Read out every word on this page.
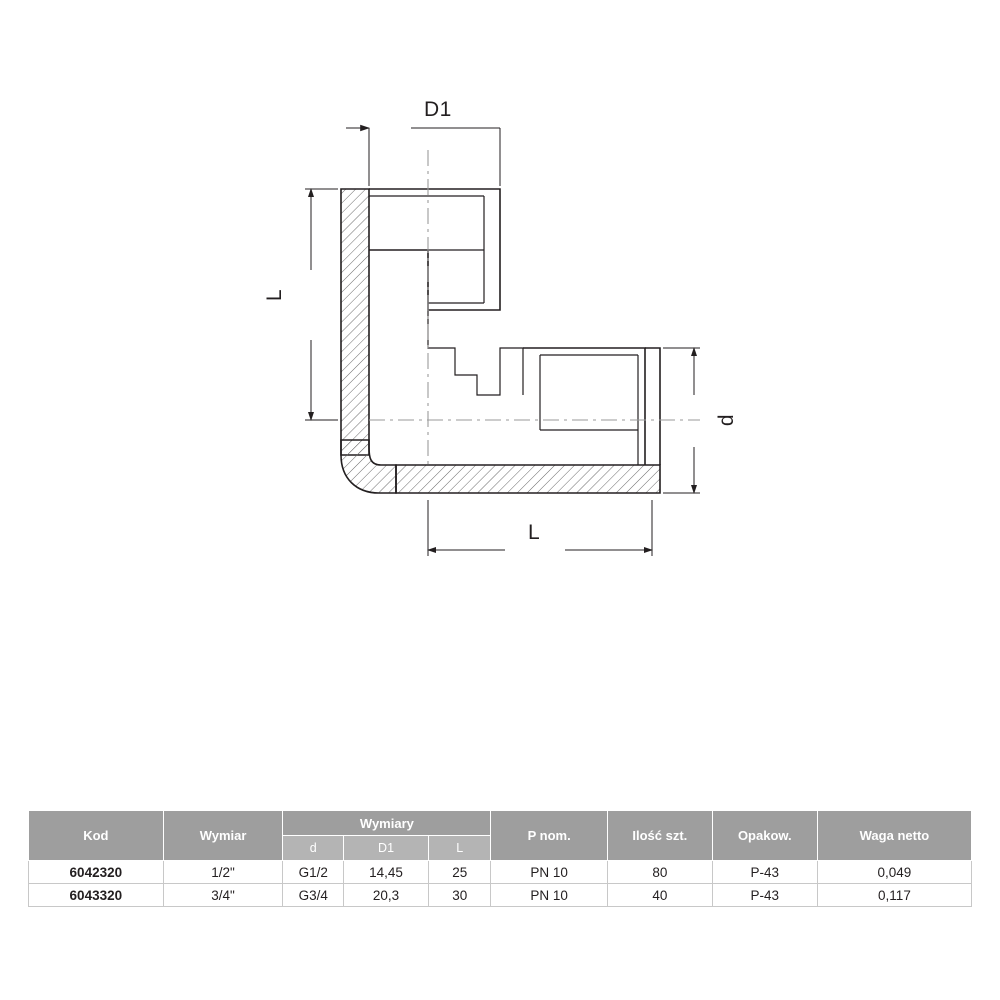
D1
L
L
d
Kod	Wymiar	Wymiary			P nom.	Ilość szt.	Opakow.	Waga netto
		d	D1	L				
6042320	1/2"	G1/2	14,45	25	PN 10	80	P-43	0,049
6043320	3/4"	G3/4	20,3	30	PN 10	40	P-43	0,117
